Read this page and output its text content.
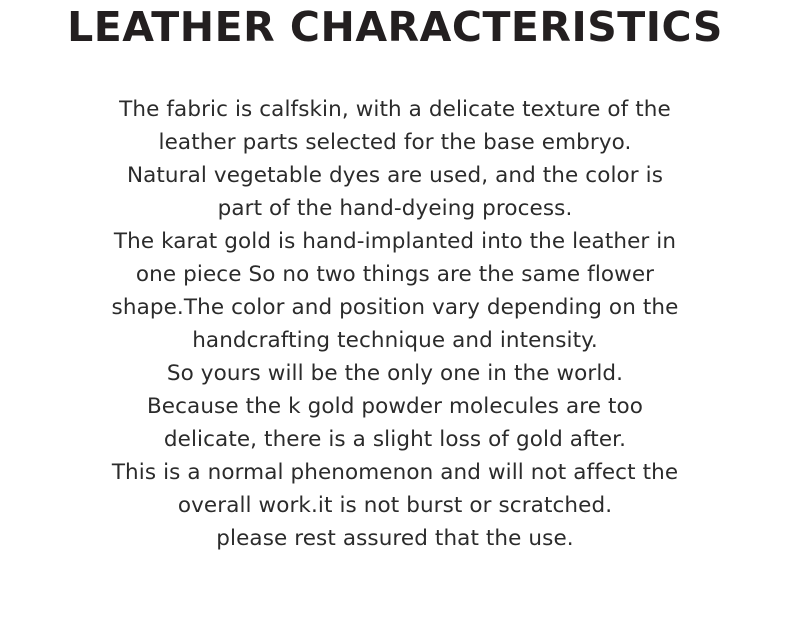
LEATHER CHARACTERISTICS
The fabric is calfskin, with a delicate texture of the
leather parts selected for the base embryo.
Natural vegetable dyes are used, and the color is
part of the hand-dyeing process.
The karat gold is hand-implanted into the leather in
one piece So no two things are the same flower
shape.The color and position vary depending on the
handcrafting technique and intensity.
So yours will be the only one in the world.
Because the k gold powder molecules are too
delicate, there is a slight loss of gold after.
This is a normal phenomenon and will not affect the
overall work.it is not burst or scratched.
please rest assured that the use.
